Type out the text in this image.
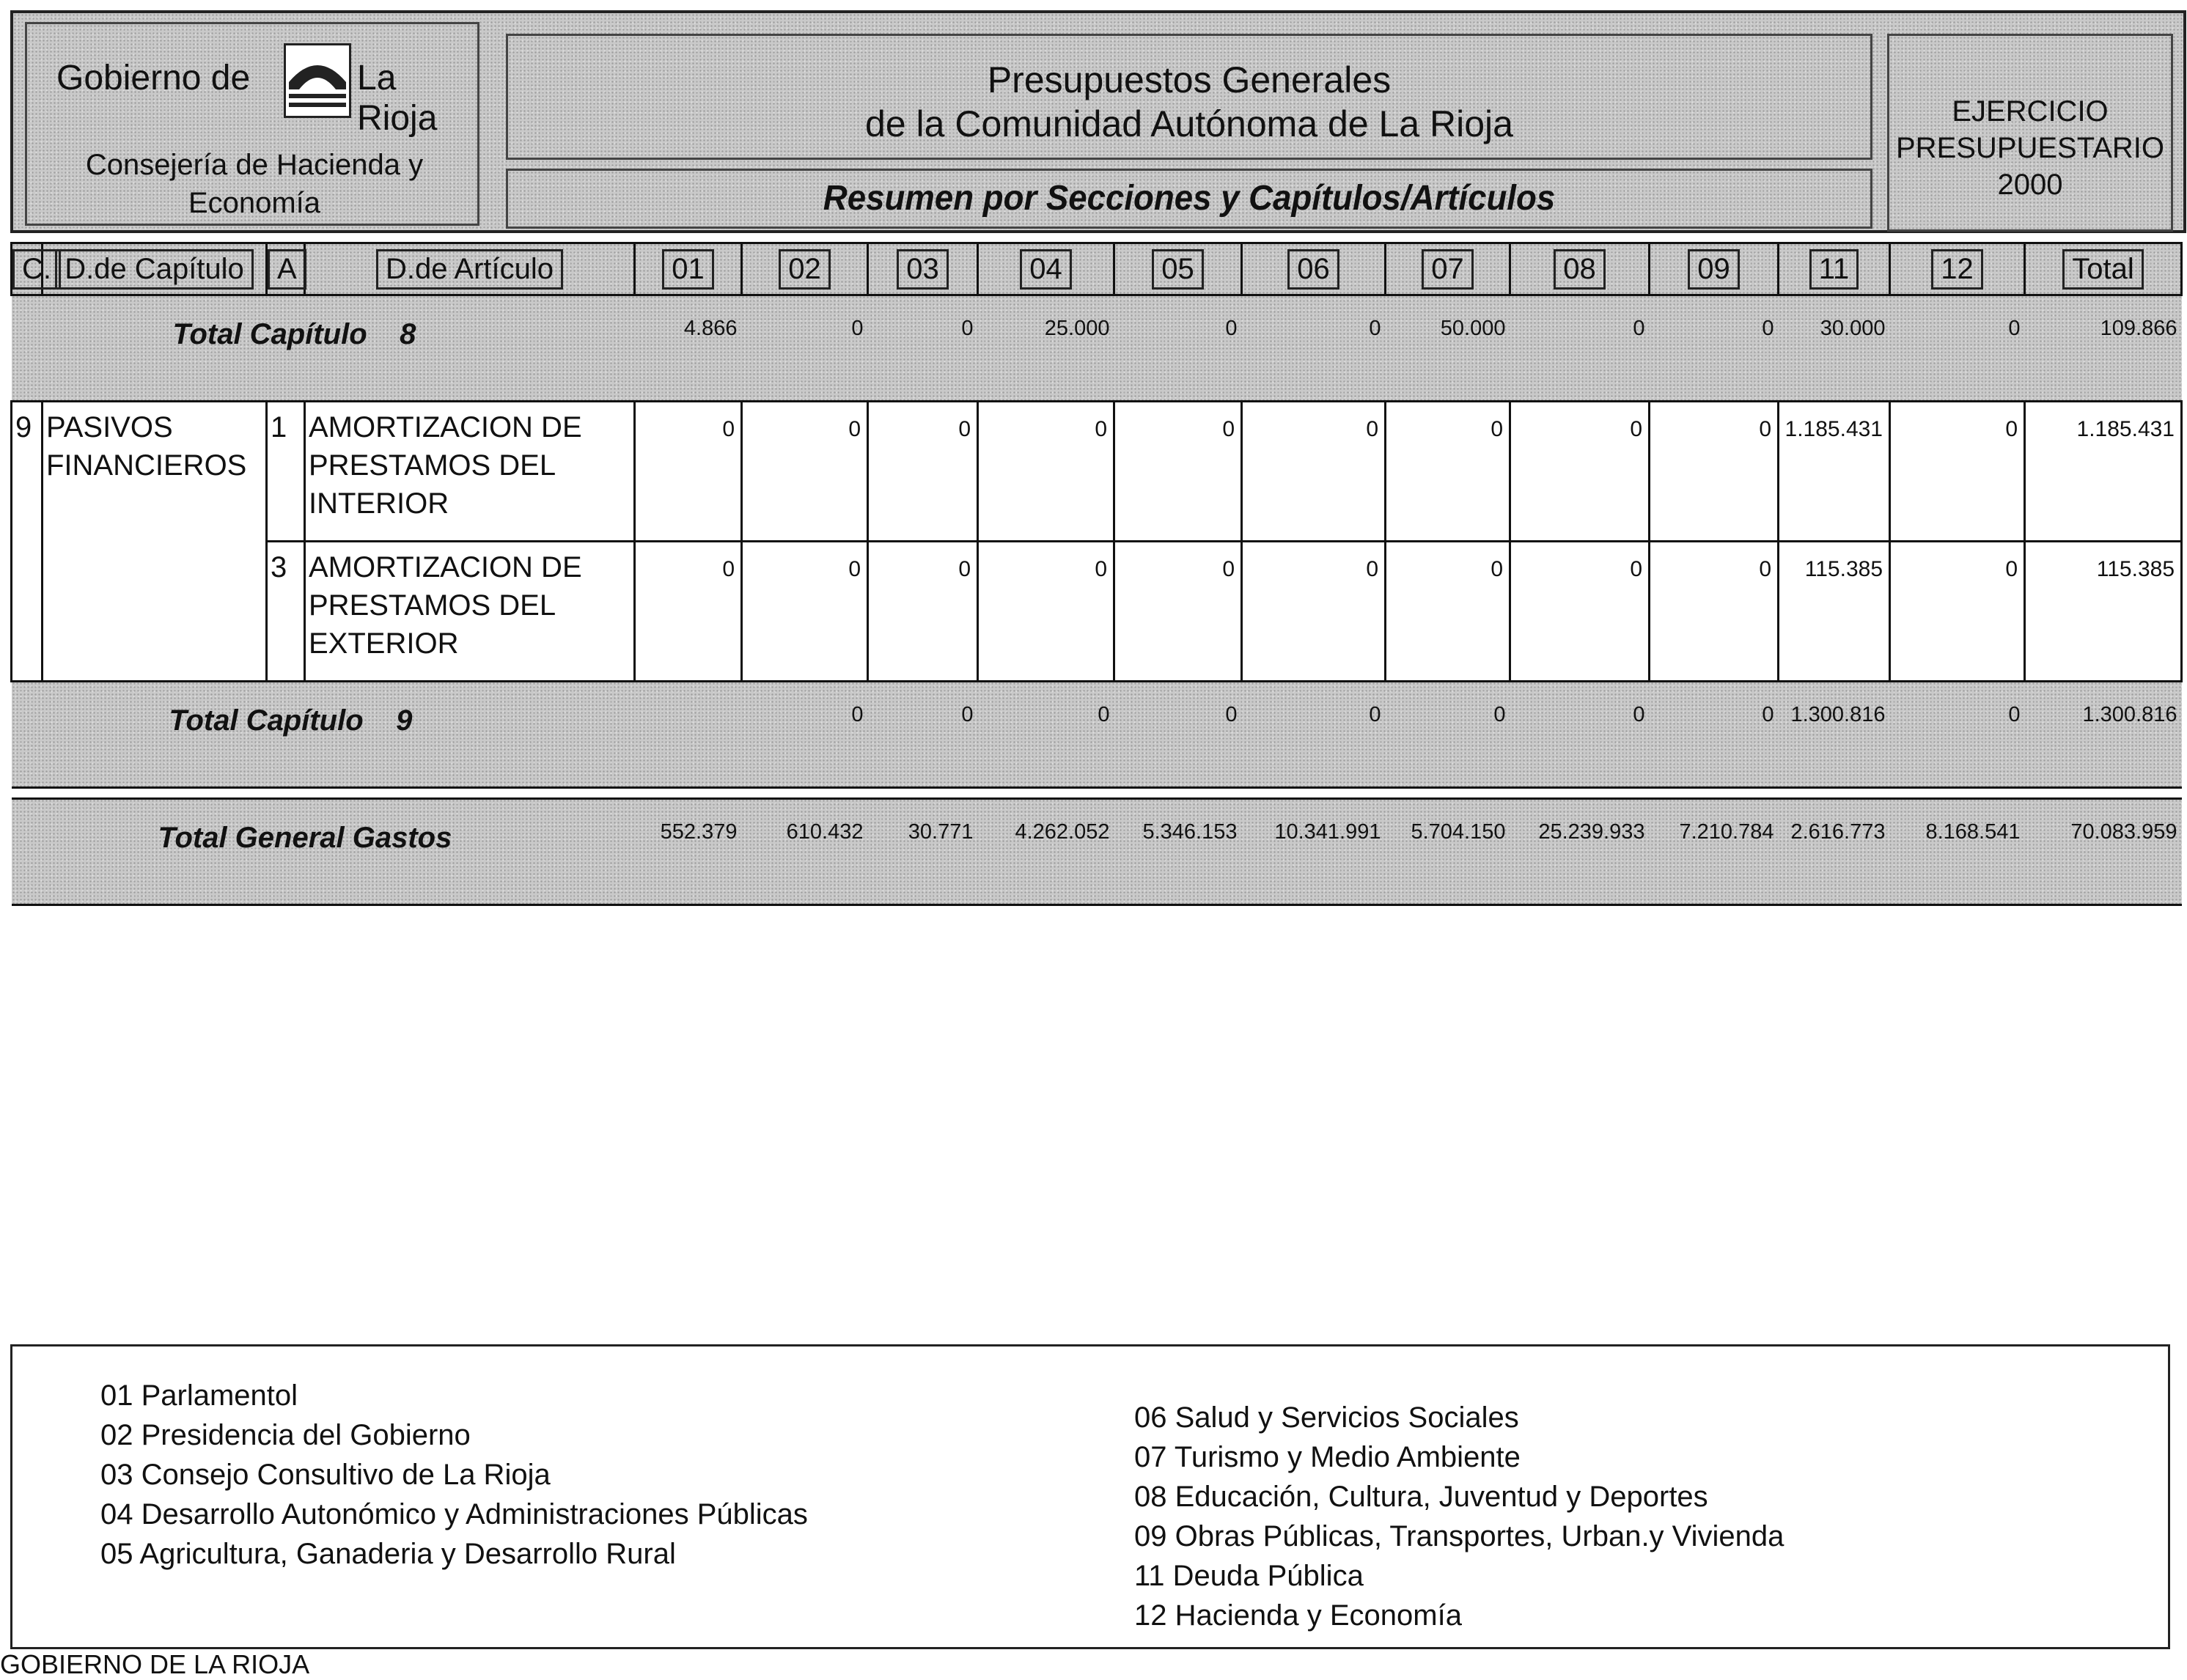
Gobierno de	La Rioja
Consejería de Hacienda y
Economía
Presupuestos Generales
de la Comunidad Autónoma de La Rioja
Resumen por Secciones y Capítulos/Artículos
EJERCICIO
PRESUPUESTARIO
2000
C.	D.de Capítulo	A	D.de Artículo	01	02	03	04	05	06	07	08	09	11	12	Total
Total Capítulo 8				4.866	0	0	25.000	0	0	50.000	0	0	30.000	0	109.866
9	PASIVOS
FINANCIEROS	1	AMORTIZACION DE PRESTAMOS DEL INTERIOR	0	0	0	0	0	0	0	0	0	1.185.431	0	1.185.431
		3	AMORTIZACION DE PRESTAMOS DEL EXTERIOR	0	0	0	0	0	0	0	0	0	115.385	0	115.385
Total Capítulo 9					0	0	0	0	0	0	0	0	1.300.816	0	1.300.816

Total General Gastos				552.379	610.432	30.771	4.262.052	5.346.153	10.341.991	5.704.150	25.239.933	7.210.784	2.616.773	8.168.541	70.083.959
01 Parlamentol
02 Presidencia del Gobierno
03 Consejo Consultivo de La Rioja
04 Desarrollo Autonómico y Administraciones Públicas
05 Agricultura, Ganaderia y Desarrollo Rural
06 Salud y Servicios Sociales
07 Turismo y Medio Ambiente
08 Educación, Cultura, Juventud y Deportes
09 Obras Públicas, Transportes, Urban.y Vivienda
11 Deuda Pública
12 Hacienda y Economía
GOBIERNO DE LA RIOJA
